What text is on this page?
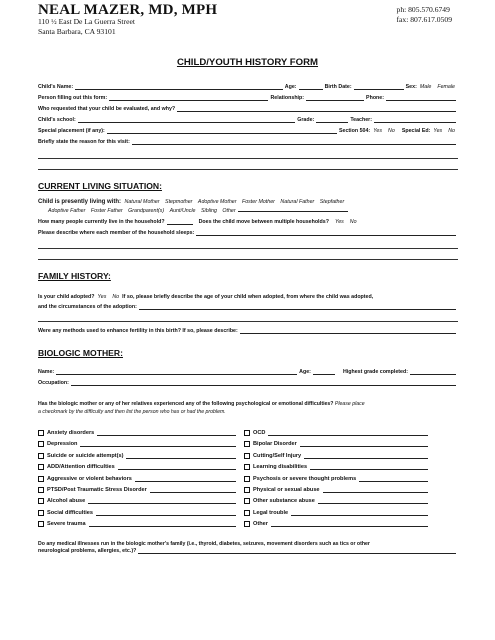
NEAL MAZER, MD, MPH
110 ½ East De La Guerra Street
Santa Barbara, CA 93101
ph: 805.570.6749
fax: 807.617.0509
CHILD/YOUTH HISTORY FORM
Child's Name:	Age:	Birth Date:	Sex: Male Female
Person filling out this form:	Relationship:	Phone:
Who requested that your child be evaluated, and why?
Child's school:	Grade:	Teacher:
Special placement (if any):	Section 504: Yes No Special Ed: Yes No
Briefly state the reason for this visit:
CURRENT LIVING SITUATION:
Child is presently living with: Natural Mother Stepmother Adoptive Mother Foster Mother Natural Father Stepfather
Adoptive Father Foster Father Grandparent(s) Aunt/Uncle Sibling Other
How many people currently live in the household?	Does the child move between multiple households? Yes No
Please describe where each member of the household sleeps:
FAMILY HISTORY:
Is your child adopted? Yes No If so, please briefly describe the age of your child when adopted, from where the child was adopted,
and the circumstances of the adoption:
Were any methods used to enhance fertility in this birth? If so, please describe:
BIOLOGIC MOTHER:
Name:	Age:	Highest grade completed:
Occupation:
Has the biologic mother or any of her relatives experienced any of the following psychological or emotional difficulties? Please place
a checkmark by the difficulty and then list the person who has or had the problem.
Anxiety disorders
Depression
Suicide or suicide attempt(s)
ADD/Attention difficulties
Aggressive or violent behaviors
PTSD/Post Traumatic Stress Disorder
Alcohol abuse
Social difficulties
Severe trauma
OCD
Bipolar Disorder
Cutting/Self Injury
Learning disabilities
Psychosis or severe thought problems
Physical or sexual abuse
Other substance abuse
Legal trouble
Other
Do any medical illnesses run in the biologic mother's family (i.e., thyroid, diabetes, seizures, movement disorders such as tics or other
neurological problems, allergies, etc.)?
